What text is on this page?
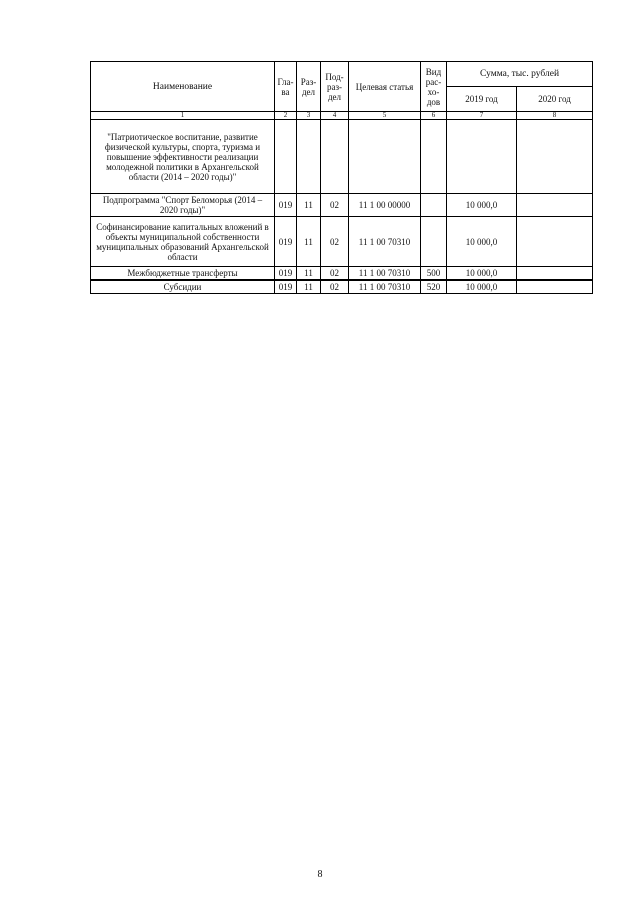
Наименование	Гла-ва	Раз-дел	Под-раз-дел	Целевая статья	Вид рас-хо-дов	Сумма, тыс. рублей	
						2019 год	2020 год
1	2	3	4	5	6	7	8
"Патриотическое воспитание, развитие физической культуры, спорта, туризма и повышение эффективности реализации молодежной политики в Архангельской области (2014 – 2020 годы)"							
Подпрограмма "Спорт Беломорья (2014 – 2020 годы)"	019	11	02	11 1 00 00000		10 000,0	
Софинансирование капитальных вложений в объекты муниципальной собственности муниципальных образований Архангельской области	019	11	02	11 1 00 70310		10 000,0	
Межбюджетные трансферты	019	11	02	11 1 00 70310	500	10 000,0	
Субсидии	019	11	02	11 1 00 70310	520	10 000,0	
8
